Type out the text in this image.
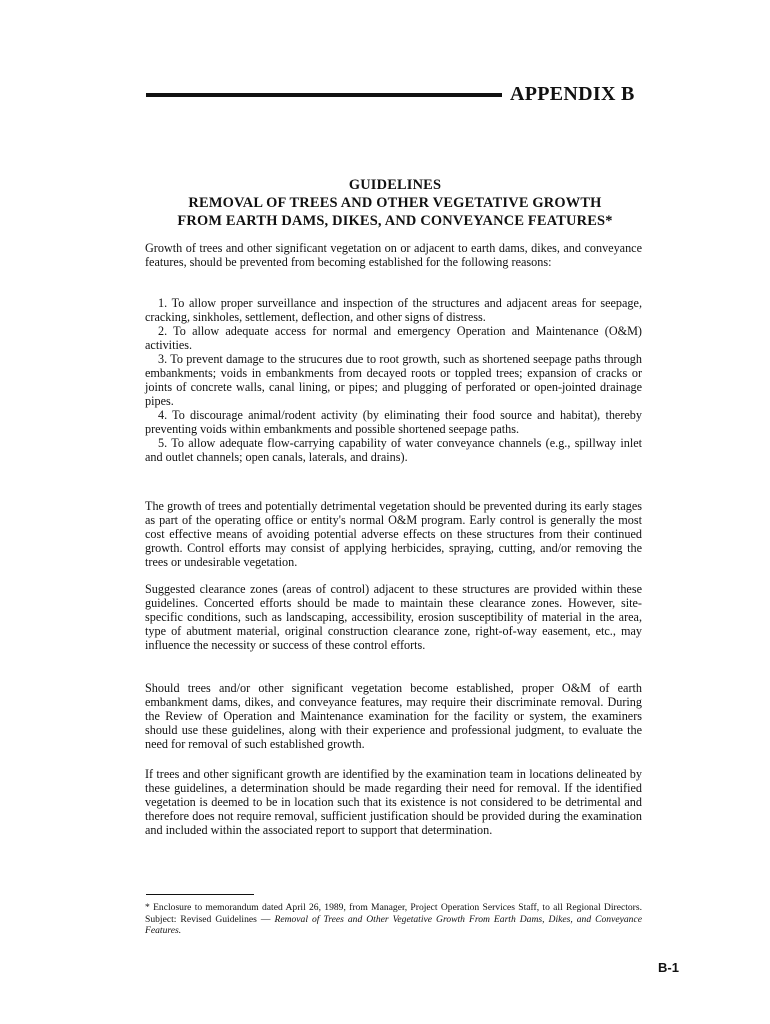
APPENDIX B
GUIDELINES
REMOVAL OF TREES AND OTHER VEGETATIVE GROWTH
FROM EARTH DAMS, DIKES, AND CONVEYANCE FEATURES*
Growth of trees and other significant vegetation on or adjacent to earth dams, dikes, and conveyance features, should be prevented from becoming established for the following reasons:

1. To allow proper surveillance and inspection of the structures and adjacent areas for seepage, cracking, sinkholes, settlement, deflection, and other signs of distress.

2. To allow adequate access for normal and emergency Operation and Maintenance (O&M) activities.

3. To prevent damage to the strucures due to root growth, such as shortened seepage paths through embankments; voids in embankments from decayed roots or toppled trees; expansion of cracks or joints of concrete walls, canal lining, or pipes; and plugging of perforated or open-jointed drainage pipes.

4. To discourage animal/rodent activity (by eliminating their food source and habitat), thereby preventing voids within embankments and possible shortened seepage paths.

5. To allow adequate flow-carrying capability of water conveyance channels (e.g., spillway inlet and outlet channels; open canals, laterals, and drains).

The growth of trees and potentially detrimental vegetation should be prevented during its early stages as part of the operating office or entity's normal O&M program. Early control is generally the most cost effective means of avoiding potential adverse effects on these structures from their continued growth. Control efforts may consist of applying herbicides, spraying, cutting, and/or removing the trees or undesirable vegetation.
Suggested clearance zones (areas of control) adjacent to these structures are provided within these guidelines. Concerted efforts should be made to maintain these clearance zones. However, site-specific conditions, such as landscaping, accessibility, erosion susceptibility of material in the area, type of abutment material, original construction clearance zone, right-of-way easement, etc., may influence the necessity or success of these control efforts.
Should trees and/or other significant vegetation become established, proper O&M of earth embankment dams, dikes, and conveyance features, may require their discriminate removal. During the Review of Operation and Maintenance examination for the facility or system, the examiners should use these guidelines, along with their experience and professional judgment, to evaluate the need for removal of such established growth.
If trees and other significant growth are identified by the examination team in locations delineated by these guidelines, a determination should be made regarding their need for removal. If the identified vegetation is deemed to be in location such that its existence is not considered to be detrimental and therefore does not require removal, sufficient justification should be provided during the examination and included within the associated report to support that determination.
* Enclosure to memorandum dated April 26, 1989, from Manager, Project Operation Services Staff, to all Regional Directors. Subject: Revised Guidelines — Removal of Trees and Other Vegetative Growth From Earth Dams, Dikes, and Conveyance Features.
B-1
